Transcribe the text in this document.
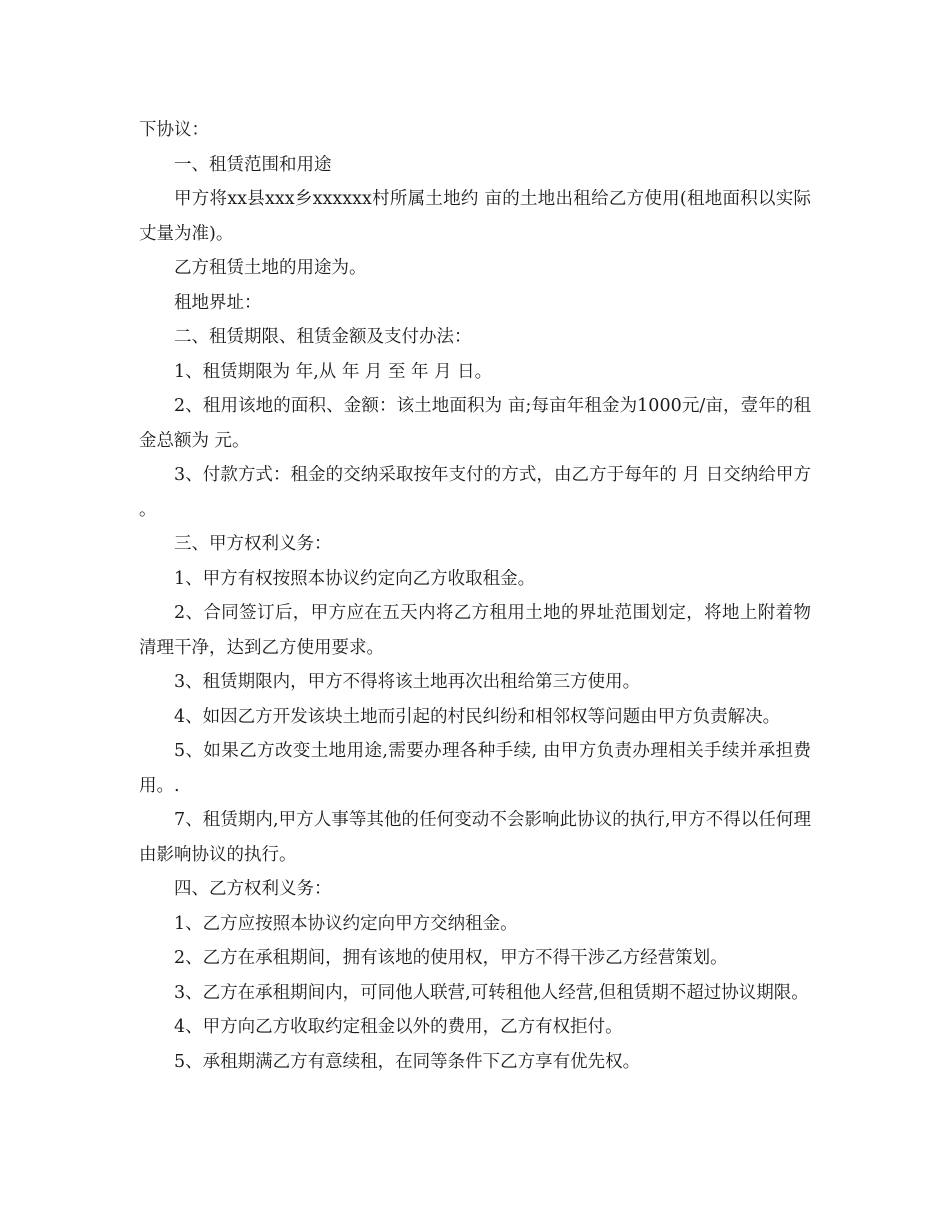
下协议：

一、租赁范围和用途

甲方将xx县xxx乡xxxxxx村所属土地约 亩的土地出租给乙方使用(租地面积以实际丈量为准)。

乙方租赁土地的用途为。

租地界址：

二、租赁期限、租赁金额及支付办法：

1、租赁期限为 年,从 年 月 至 年 月 日。

2、租用该地的面积、金额：该土地面积为 亩;每亩年租金为1000元/亩，壹年的租金总额为 元。

3、付款方式：租金的交纳采取按年支付的方式，由乙方于每年的 月 日交纳给甲方 。

三、甲方权利义务：

1、甲方有权按照本协议约定向乙方收取租金。

2、合同签订后，甲方应在五天内将乙方租用土地的界址范围划定，将地上附着物清理干净，达到乙方使用要求。

3、租赁期限内，甲方不得将该土地再次出租给第三方使用。

4、如因乙方开发该块土地而引起的村民纠纷和相邻权等问题由甲方负责解决。

5、如果乙方改变土地用途,需要办理各种手续, 由甲方负责办理相关手续并承担费用。.

7、租赁期内,甲方人事等其他的任何变动不会影响此协议的执行,甲方不得以任何理由影响协议的执行。

四、乙方权利义务：

1、乙方应按照本协议约定向甲方交纳租金。

2、乙方在承租期间，拥有该地的使用权，甲方不得干涉乙方经营策划。

3、乙方在承租期间内，可同他人联营,可转租他人经营,但租赁期不超过协议期限。

4、甲方向乙方收取约定租金以外的费用，乙方有权拒付。

5、承租期满乙方有意续租，在同等条件下乙方享有优先权。
